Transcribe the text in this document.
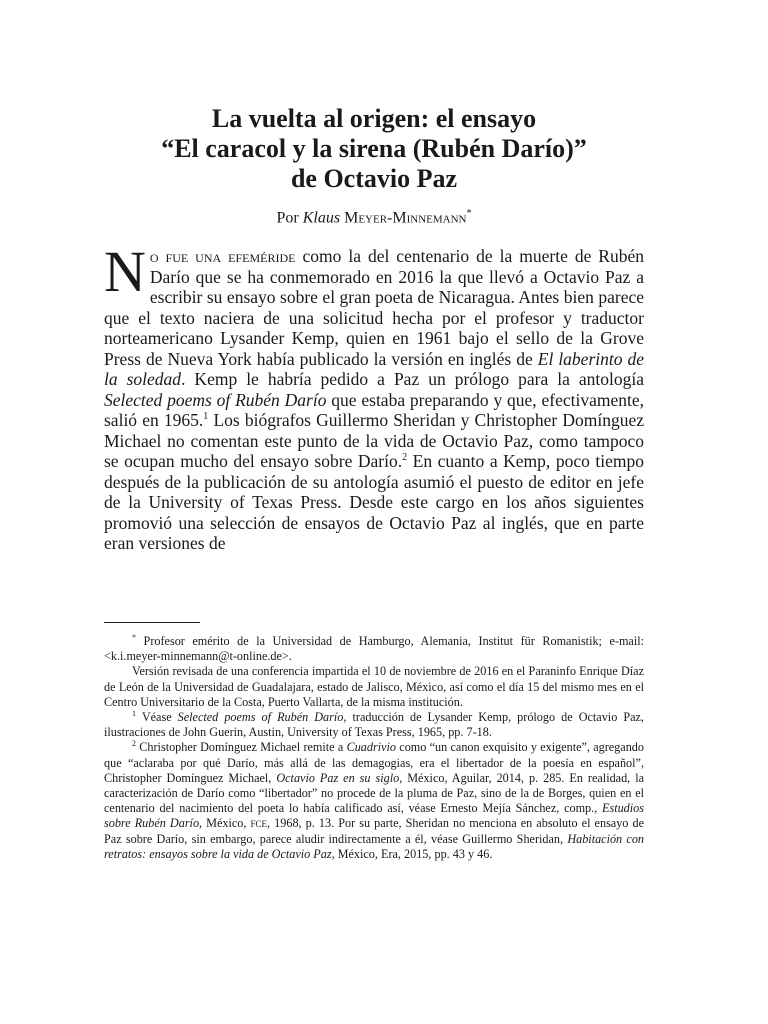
La vuelta al origen: el ensayo
“El caracol y la sirena (Rubén Darío)”
de Octavio Paz
Por Klaus Meyer-Minnemann*

No fue una efeméride como la del centenario de la muerte de Rubén Darío que se ha conmemorado en 2016 la que llevó a Octavio Paz a escribir su ensayo sobre el gran poeta de Nicaragua. Antes bien parece que el texto naciera de una solicitud hecha por el profesor y traductor norteamericano Lysander Kemp, quien en 1961 bajo el sello de la Grove Press de Nueva York había publicado la versión en inglés de El laberinto de la soledad. Kemp le habría pedido a Paz un prólogo para la antología Selected poems of Rubén Darío que estaba preparando y que, efectivamente, salió en 1965.$^1$ Los biógrafos Guillermo Sheridan y Christopher Domínguez Michael no comentan este punto de la vida de Octavio Paz, como tampoco se ocupan mucho del ensayo sobre Darío.$^2$ En cuanto a Kemp, poco tiempo después de la publicación de su antología asumió el puesto de editor en jefe de la University of Texas Press. Desde este cargo en los años siguientes promovió una selección de ensayos de Octavio Paz al inglés, que en parte eran versiones de

* Profesor emérito de la Universidad de Hamburgo, Alemania, Institut für Romanistik; e-mail: <k.i.meyer-minnemann@t-online.de>.

Versión revisada de una conferencia impartida el 10 de noviembre de 2016 en el Paraninfo Enrique Díaz de León de la Universidad de Guadalajara, estado de Jalisco, México, así como el día 15 del mismo mes en el Centro Universitario de la Costa, Puerto Vallarta, de la misma institución.

$^1$ Véase Selected poems of Rubén Darío, traducción de Lysander Kemp, prólogo de Octavio Paz, ilustraciones de John Guerin, Austin, University of Texas Press, 1965, pp. 7-18.

$^2$ Christopher Domínguez Michael remite a Cuadrivio como “un canon exquisito y exigente”, agregando que “aclaraba por qué Darío, más allá de las demagogias, era el libertador de la poesía en español”, Christopher Domínguez Michael, Octavio Paz en su siglo, México, Aguilar, 2014, p. 285. En realidad, la caracterización de Darío como “libertador” no procede de la pluma de Paz, sino de la de Borges, quien en el centenario del nacimiento del poeta lo había calificado así, véase Ernesto Mejía Sánchez, comp., Estudios sobre Rubén Darío, México, fce, 1968, p. 13. Por su parte, Sheridan no menciona en absoluto el ensayo de Paz sobre Darío, sin embargo, parece aludir indirectamente a él, véase Guillermo Sheridan, Habitación con retratos: ensayos sobre la vida de Octavio Paz, México, Era, 2015, pp. 43 y 46.
